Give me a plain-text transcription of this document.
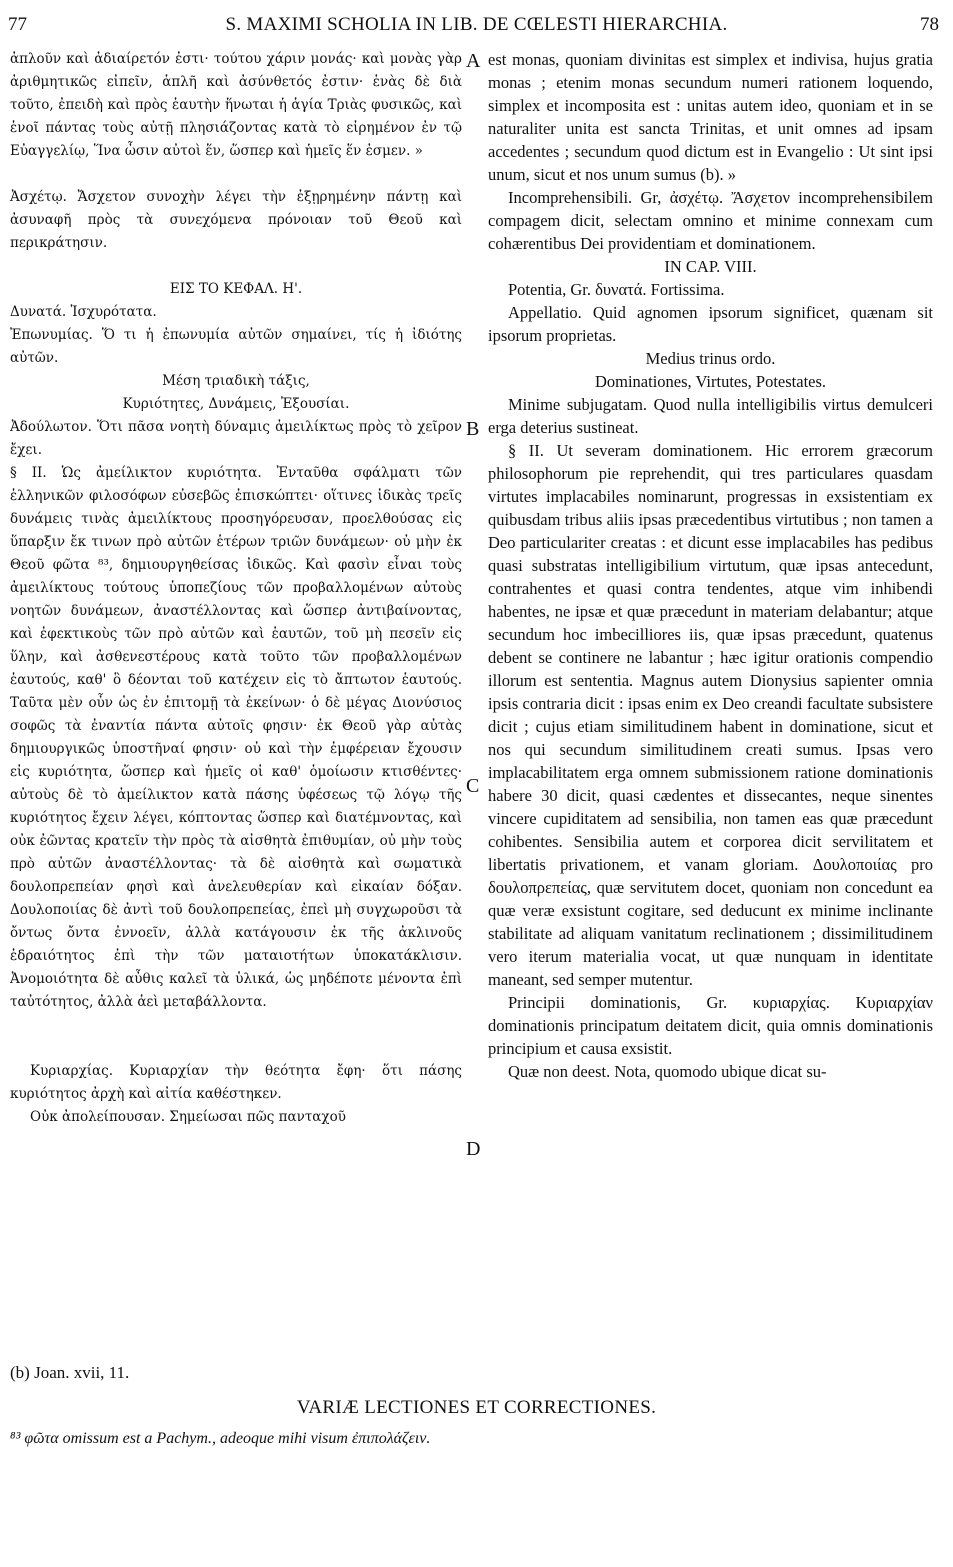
77	S. MAXIMI SCHOLIA IN LIB. DE CŒLESTI HIERARCHIA.	78

ἁπλοῦν καὶ ἀδιαίρετόν ἐστι· τούτου χάριν μονάς· καὶ μονὰς γὰρ ἀριθμητικῶς εἰπεῖν, ἁπλῆ καὶ ἀσύνθετός ἐστιν· ἑνὰς δὲ διὰ τοῦτο, ἐπειδὴ καὶ πρὸς ἑαυτὴν ἥνωται ἡ ἁγία Τριὰς φυσικῶς, καὶ ἑνοῖ πάντας τοὺς αὐτῇ πλησιάζοντας κατὰ τὸ εἰρημένον ἐν τῷ Εὐαγγελίῳ, Ἵνα ὦσιν αὐτοὶ ἕν, ὥσπερ καὶ ἡμεῖς ἕν ἐσμεν. »

Ἀσχέτῳ. Ἄσχετον συνοχὴν λέγει τὴν ἐξῃρημένην πάντῃ καὶ ἀσυναφῆ πρὸς τὰ συνεχόμενα πρόνοιαν τοῦ Θεοῦ καὶ περικράτησιν.

ΕΙΣ ΤΟ ΚΕΦΑΛ. Η'.

Δυνατά. Ἰσχυρότατα.

Ἐπωνυμίας. Ὅ τι ἡ ἐπωνυμία αὐτῶν σημαίνει, τίς ἡ ἰδιότης αὐτῶν.

Μέση τριαδικὴ τάξις,

Κυριότητες, Δυνάμεις, Ἐξουσίαι.

Ἀδούλωτον. Ὅτι πᾶσα νοητὴ δύναμις ἀμειλίκτως πρὸς τὸ χεῖρον ἔχει.

§ II. Ὡς ἀμείλικτον κυριότητα. Ἐνταῦθα σφάλματι τῶν ἑλληνικῶν φιλοσόφων εὐσεβῶς ἐπισκώπτει· οἵτινες ἰδικὰς τρεῖς δυνάμεις τινὰς ἀμειλίκτους προσηγόρευσαν, προελθούσας εἰς ὕπαρξιν ἔκ τινων πρὸ αὐτῶν ἑτέρων τριῶν δυνάμεων· οὐ μὴν ἐκ Θεοῦ φῶτα ⁸³, δημιουργηθείσας ἰδικῶς. Καὶ φασὶν εἶναι τοὺς ἀμειλίκτους τούτους ὑποπεζίους τῶν προβαλλομένων αὐτοὺς νοητῶν δυνάμεων, ἀναστέλλοντας καὶ ὥσπερ ἀντιβαίνοντας, καὶ ἐφεκτικοὺς τῶν πρὸ αὐτῶν καὶ ἑαυτῶν, τοῦ μὴ πεσεῖν εἰς ὕλην, καὶ ἀσθενεστέρους κατὰ τοῦτο τῶν προβαλλομένων ἑαυτούς, καθ' ὃ δέονται τοῦ κατέχειν εἰς τὸ ἄπτωτον ἑαυτούς. Ταῦτα μὲν οὖν ὡς ἐν ἐπιτομῇ τὰ ἐκείνων· ὁ δὲ μέγας Διονύσιος σοφῶς τὰ ἐναντία πάντα αὐτοῖς φησιν· ἐκ Θεοῦ γὰρ αὐτὰς δημιουργικῶς ὑποστῆναί φησιν· οὐ καὶ τὴν ἐμφέρειαν ἔχουσιν εἰς κυριότητα, ὥσπερ καὶ ἡμεῖς οἱ καθ' ὁμοίωσιν κτισθέντες· αὐτοὺς δὲ τὸ ἀμείλικτον κατὰ πάσης ὑφέσεως τῷ λόγῳ τῆς κυριότητος ἔχειν λέγει, κόπτοντας ὥσπερ καὶ διατέμνοντας, καὶ οὐκ ἐῶντας κρατεῖν τὴν πρὸς τὰ αἰσθητὰ ἐπιθυμίαν, οὐ μὴν τοὺς πρὸ αὐτῶν ἀναστέλλοντας· τὰ δὲ αἰσθητὰ καὶ σωματικὰ δουλοπρεπείαν φησὶ καὶ ἀνελευθερίαν καὶ εἰκαίαν δόξαν. Δουλοποιίας δὲ ἀντὶ τοῦ δουλοπρεπείας, ἐπεὶ μὴ συγχωροῦσι τὰ ὄντως ὄντα ἐννοεῖν, ἀλλὰ κατάγουσιν ἐκ τῆς ἀκλινοῦς ἑδραιότητος ἐπὶ τὴν τῶν ματαιοτήτων ὑποκατάκλισιν. Ἀνομοιότητα δὲ αὖθις καλεῖ τὰ ὑλικά, ὡς μηδέποτε μένοντα ἐπὶ ταὐτότητος, ἀλλὰ ἀεὶ μεταβάλλοντα.

Κυριαρχίας. Κυριαρχίαν τὴν θεότητα ἔφη· ὅτι πάσης κυριότητος ἀρχὴ καὶ αἰτία καθέστηκεν.

Οὐκ ἀπολείπουσαν. Σημείωσαι πῶς πανταχοῦ

est monas, quoniam divinitas est simplex et indivisa, hujus gratia monas ; etenim monas secundum numeri rationem loquendo, simplex et incomposita est : unitas autem ideo, quoniam et in se naturaliter unita est sancta Trinitas, et unit omnes ad ipsam accedentes ; secundum quod dictum est in Evangelio : Ut sint ipsi unum, sicut et nos unum sumus (b). »

Incomprehensibili. Gr, ἀσχέτῳ. Ἄσχετον incomprehensibilem compagem dicit, selectam omnino et minime connexam cum cohærentibus Dei providentiam et dominationem.

IN CAP. VIII.

Potentia, Gr. δυνατά. Fortissima.

Appellatio. Quid agnomen ipsorum significet, quænam sit ipsorum proprietas.

Medius trinus ordo.

Dominationes, Virtutes, Potestates.

Minime subjugatam. Quod nulla intelligibilis virtus demulceri erga deterius sustineat.

§ II. Ut severam dominationem. Hic errorem græcorum philosophorum pie reprehendit, qui tres particulares quasdam virtutes implacabiles nominarunt, progressas in exsistentiam ex quibusdam tribus aliis ipsas præcedentibus virtutibus ; non tamen a Deo particulariter creatas : et dicunt esse implacabiles has pedibus quasi substratas intelligibilium virtutum, quæ ipsas antecedunt, contrahentes et quasi contra tendentes, atque vim inhibendi habentes, ne ipsæ et quæ præcedunt in materiam delabantur; atque secundum hoc imbecilliores iis, quæ ipsas præcedunt, quatenus debent se continere ne labantur ; hæc igitur orationis compendio illorum est sententia. Magnus autem Dionysius sapienter omnia ipsis contraria dicit : ipsas enim ex Deo creandi facultate subsistere dicit ; cujus etiam similitudinem habent in dominatione, sicut et nos qui secundum similitudinem creati sumus. Ipsas vero implacabilitatem erga omnem submissionem ratione dominationis habere 30 dicit, quasi cædentes et dissecantes, neque sinentes vincere cupiditatem ad sensibilia, non tamen eas quæ præcedunt cohibentes. Sensibilia autem et corporea dicit servilitatem et libertatis privationem, et vanam gloriam. Δουλοποιίας pro δουλοπρεπείας, quæ servitutem docet, quoniam non concedunt ea quæ veræ exsistunt cogitare, sed deducunt ex minime inclinante stabilitate ad aliquam vanitatum reclinationem ; dissimilitudinem vero iterum materialia vocat, ut quæ nunquam in identitate maneant, sed semper mutentur.

Principii dominationis, Gr. κυριαρχίας. Κυριαρχίαν dominationis principatum deitatem dicit, quia omnis dominationis principium et causa exsistit.

Quæ non deest. Nota, quomodo ubique dicat su-

A
B
C
D
(b) Joan. xvii, 11.
VARIÆ LECTIONES ET CORRECTIONES.
⁸³ φῶτα omissum est a Pachym., adeoque mihi visum ἐπιπολάζειν.
